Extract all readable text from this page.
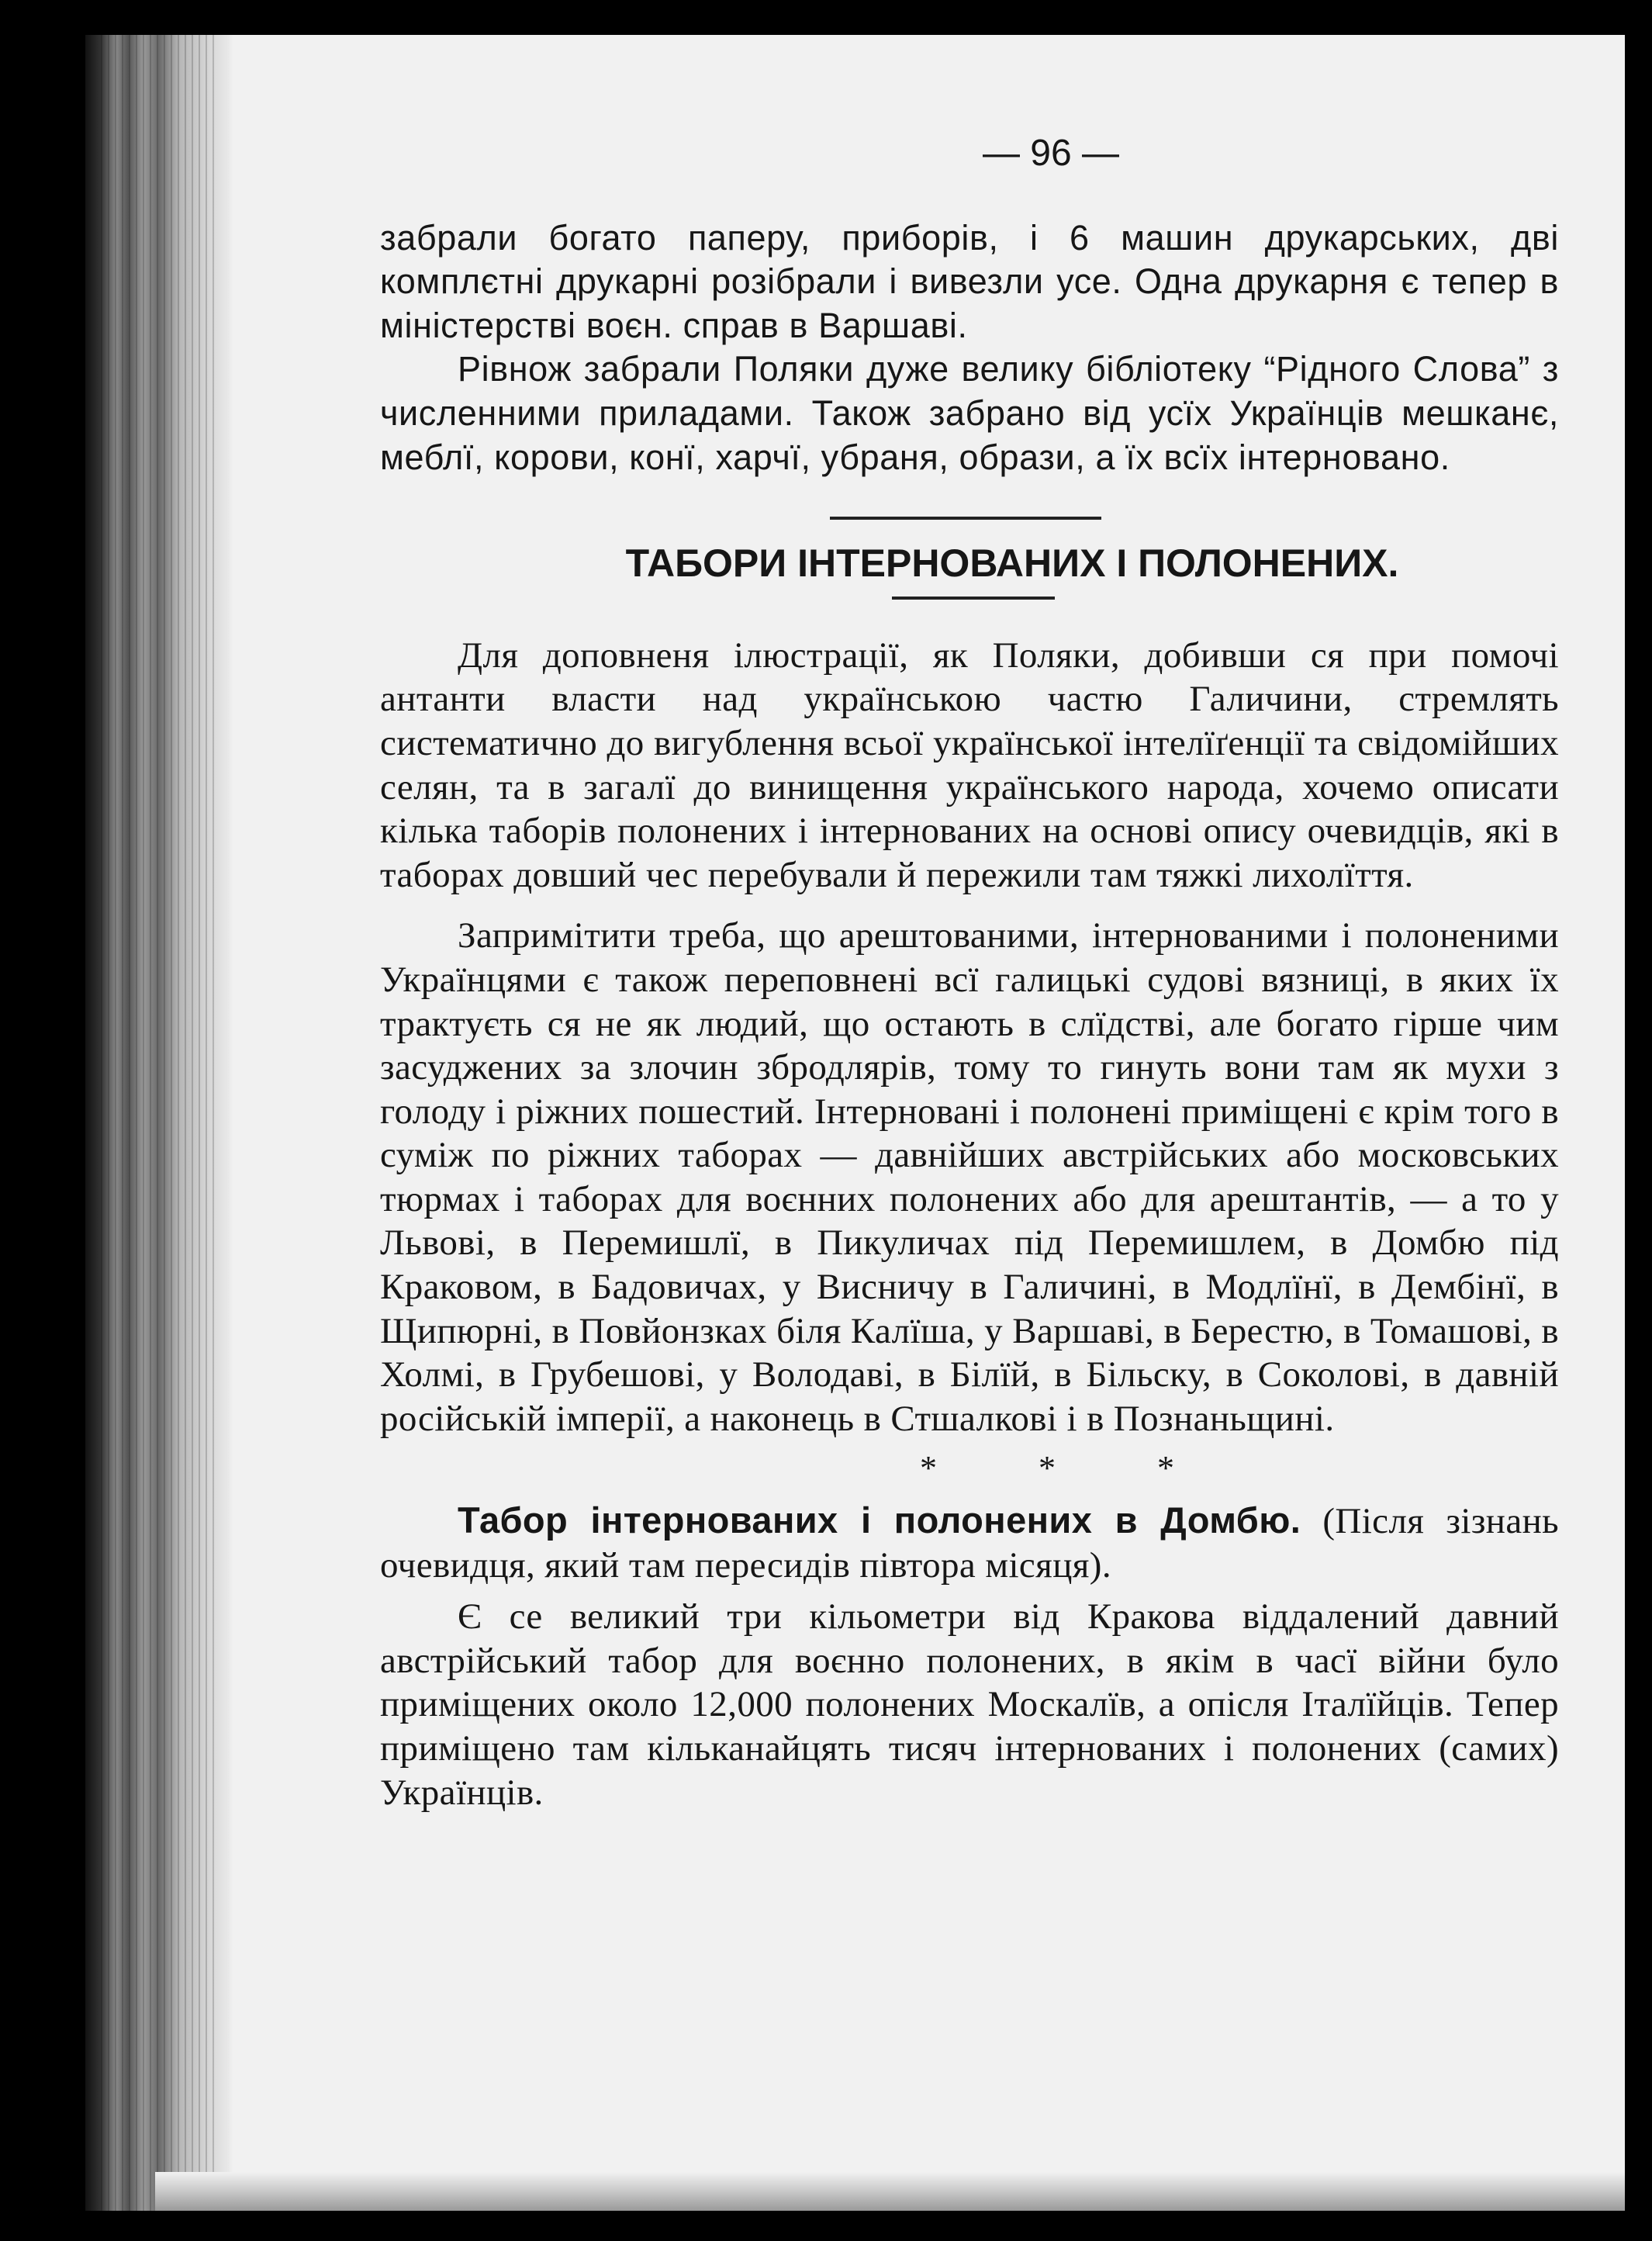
— 96 —

забрали богато паперу, приборів, і 6 машин друкарських, дві комплєтні друкарні розібрали і вивезли усе. Одна друкарня є тепер в міністерстві воєн. справ в Варшаві.

Рівнож забрали Поляки дуже велику бібліотеку “Рідного Слова” з численними приладами. Також забрано від усїх Українців мешканє, меблї, корови, конї, харчї, убраня, образи, а їх всїх інтерновано.

ТАБОРИ ІНТЕРНОВАНИХ І ПОЛОНЕНИХ.

Для доповненя ілюстрації, як Поляки, добивши ся при помочі антанти власти над українською частю Галичини, стремлять систематично до вигублення всьої української інтелїґенції та свідомійших селян, та в загалї до винищення українського народа, хочемо описати кілька таборів полонених і інтернованих на основі опису очевидців, які в таборах довший чес перебували й пережили там тяжкі лихолїття.

Запримітити треба, що арештованими, інтернованими і полоненими Українцями є також переповнені всї галицькі судові вязниці, в яких їх трактуєть ся не як людий, що остають в слїдстві, але богато гірше чим засуджених за злочин збродлярів, тому то гинуть вони там як мухи з голоду і ріжних пошестий. Інтерновані і полонені приміщені є крім того в суміж по ріжних таборах — давнійших австрійських або московських тюрмах і таборах для воєнних полонених або для арештантів, — а то у Львові, в Перемишлї, в Пикуличах під Перемишлем, в Домбю під Краковом, в Бадовичах, у Висничу в Галичині, в Модлїнї, в Дембінї, в Щипюрні, в Повйонзках біля Калїша, у Варшаві, в Берестю, в Томашові, в Холмі, в Грубешові, у Володаві, в Білїй, в Більску, в Соколові, в давній російській імперії, а наконець в Стшалкові і в Познаньщині.

* * *

Табор інтернованих і полонених в Домбю. (Після зізнань очевидця, який там пересидів півтора місяця).

Є се великий три кільометри від Кракова віддалений давний австрійський табор для воєнно полонених, в якім в часї війни було приміщених около 12,000 полонених Москалїв, а опісля Італїйців. Тепер приміщено там кільканайцять тисяч інтернованих і полонених (самих) Українців.
